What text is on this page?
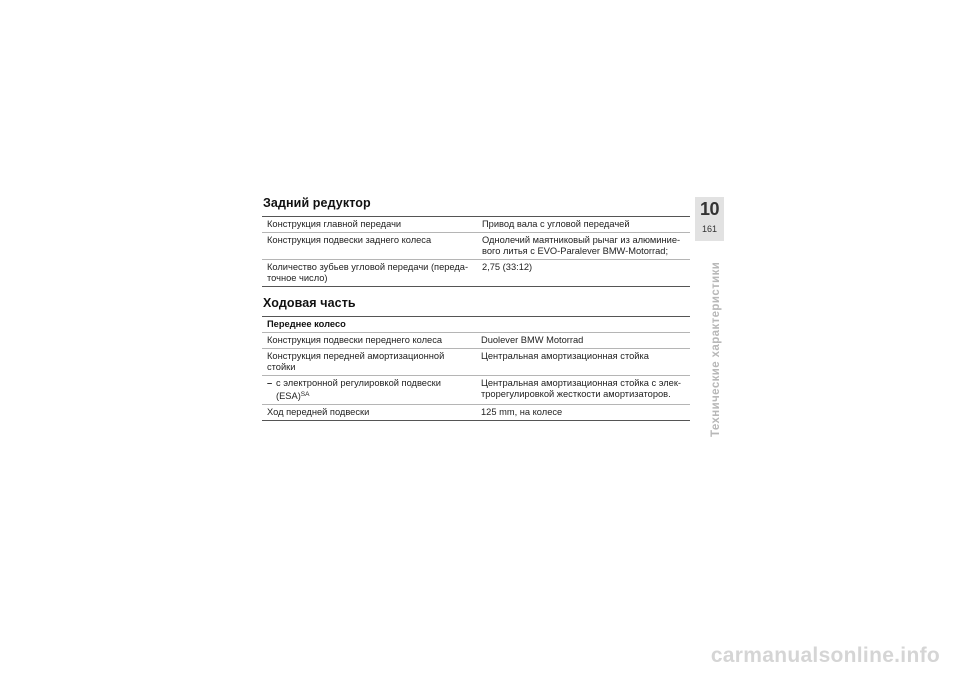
Задний редуктор
Конструкция главной передачи	Привод вала с угловой передачей
Конструкция подвески заднего колеса	Однолечий маятниковый рычаг из алюминие-вого литья с EVO-Paralever BMW-Motorrad;
Количество зубьев угловой передачи (переда-точное число)	2,75 (33:12)
Ходовая часть
Переднее колесо	
Конструкция подвески переднего колеса	Duolever BMW Motorrad
Конструкция передней амортизационной стойки	Центральная амортизационная стойка
– с электронной регулировкой подвески
(ESA)$^{SA}$	Центральная амортизационная стойка с элек-трорегулировкой жесткости амортизаторов.
Ход передней подвески	125 mm, на колесе
10
161
Технические характеристики
carmanualsonline.info
